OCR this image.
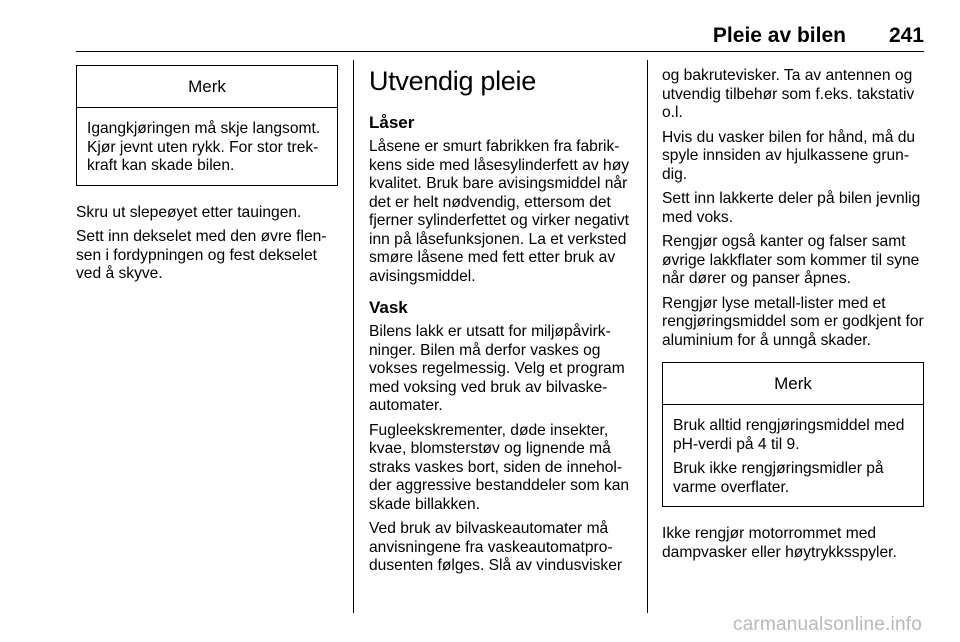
Pleie av bilen 241
Merk

Igangkjøringen må skje langsomt. Kjør jevnt uten rykk. For stor trek-kraft kan skade bilen.

Skru ut slepeøyet etter tauingen.

Sett inn dekselet med den øvre flen-sen i fordypningen og fest dekselet ved å skyve.

Utvendig pleie
Låser

Låsene er smurt fabrikken fra fabrik-kens side med låsesylinderfett av høy kvalitet. Bruk bare avisingsmiddel når det er helt nødvendig, ettersom det fjerner sylinderfettet og virker negativt inn på låsefunksjonen. La et verksted smøre låsene med fett etter bruk av avisingsmiddel.

Vask

Bilens lakk er utsatt for miljøpåvirk-ninger. Bilen må derfor vaskes og vokses regelmessig. Velg et program med voksing ved bruk av bilvaske-automater.

Fugleekskrementer, døde insekter, kvae, blomsterstøv og lignende må straks vaskes bort, siden de innehol-der aggressive bestanddeler som kan skade billakken.

Ved bruk av bilvaskeautomater må anvisningene fra vaskeautomatpro-dusenten følges. Slå av vindusvisker

og bakrutevisker. Ta av antennen og utvendig tilbehør som f.eks. takstativ o.l.

Hvis du vasker bilen for hånd, må du spyle innsiden av hjulkassene grun-dig.

Sett inn lakkerte deler på bilen jevnlig med voks.

Rengjør også kanter og falser samt øvrige lakkflater som kommer til syne når dører og panser åpnes.

Rengjør lyse metall-lister med et rengjøringsmiddel som er godkjent for aluminium for å unngå skader.

Merk

Bruk alltid rengjøringsmiddel med pH-verdi på 4 til 9.

Bruk ikke rengjøringsmidler på varme overflater.

Ikke rengjør motorrommet med dampvasker eller høytrykksspyler.

carmanualsonline.info
